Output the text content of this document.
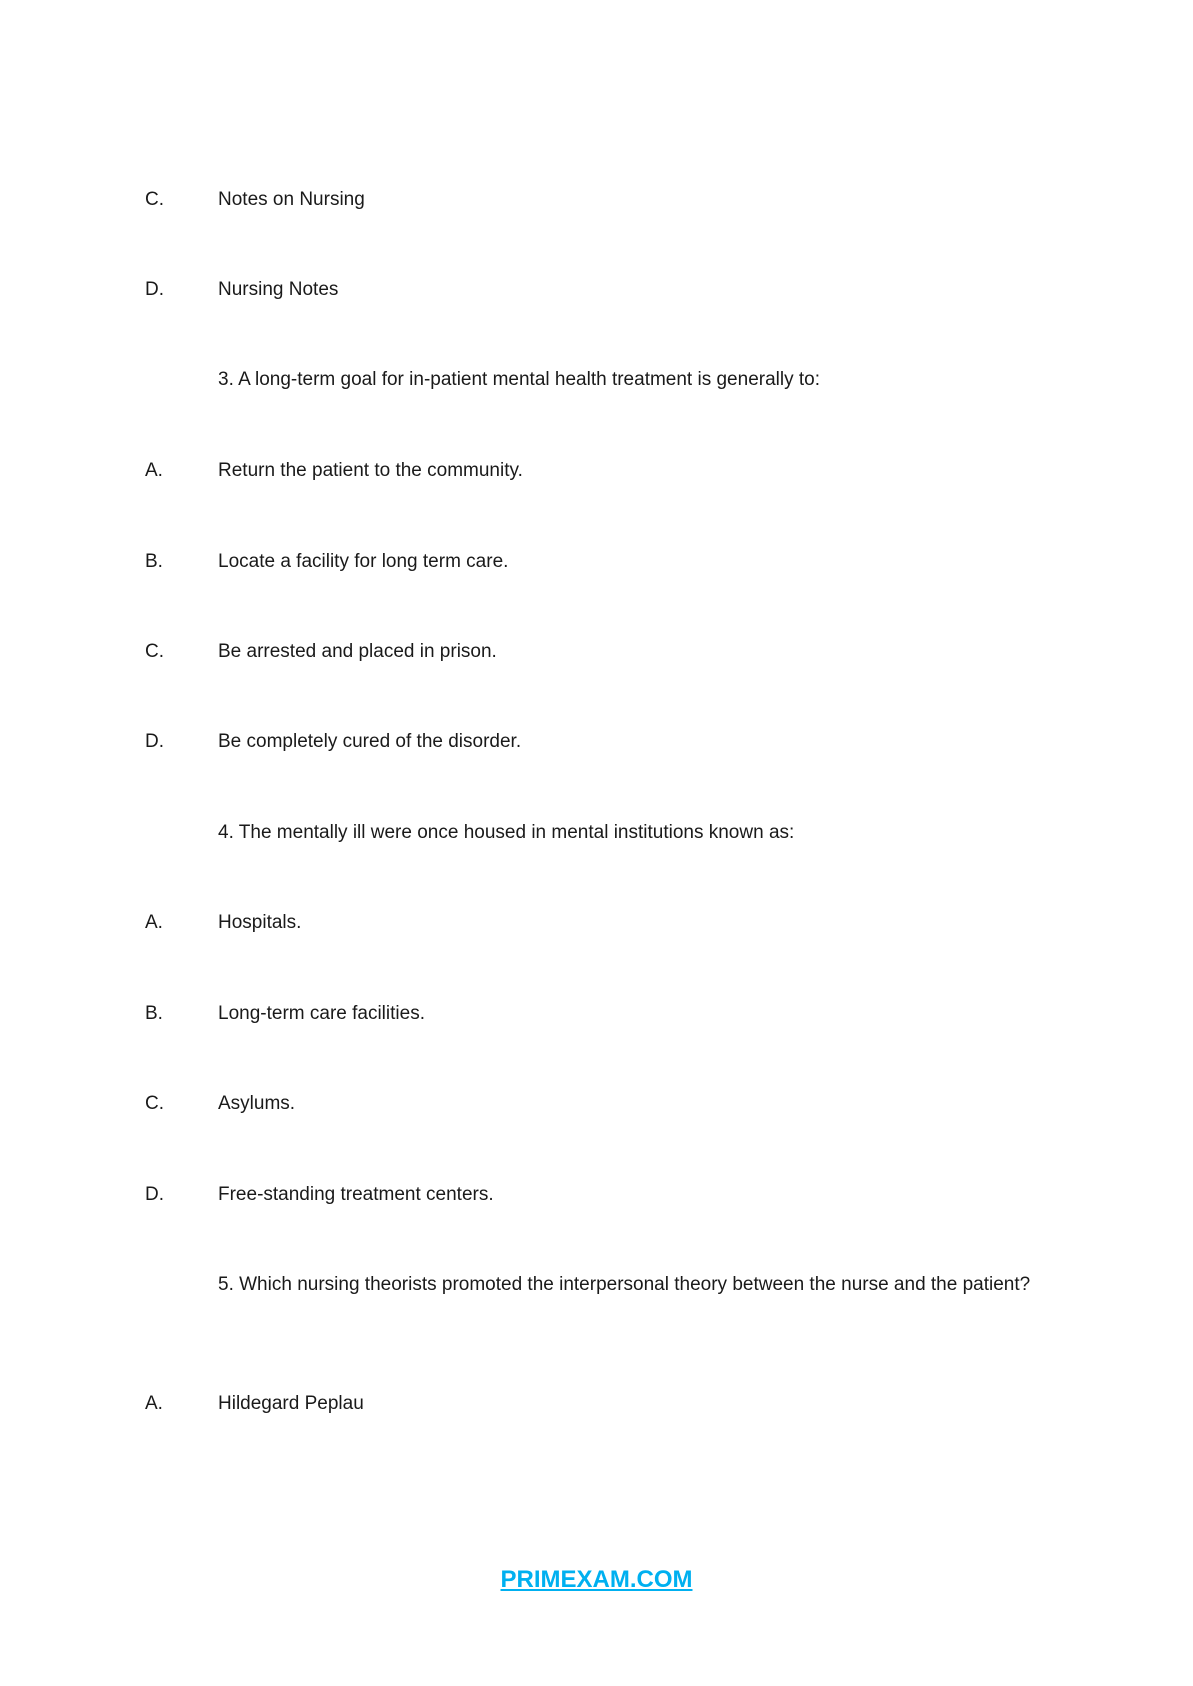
C.	Notes on Nursing
D.	Nursing Notes
3. A long-term goal for in-patient mental health treatment is generally to:
A.	Return the patient to the community.
B.	Locate a facility for long term care.
C.	Be arrested and placed in prison.
D.	Be completely cured of the disorder.
4. The mentally ill were once housed in mental institutions known as:
A.	Hospitals.
B.	Long-term care facilities.
C.	Asylums.
D.	Free-standing treatment centers.
5. Which nursing theorists promoted the interpersonal theory between the nurse and the patient?
A.	Hildegard Peplau
PRIMEXAM.COM
